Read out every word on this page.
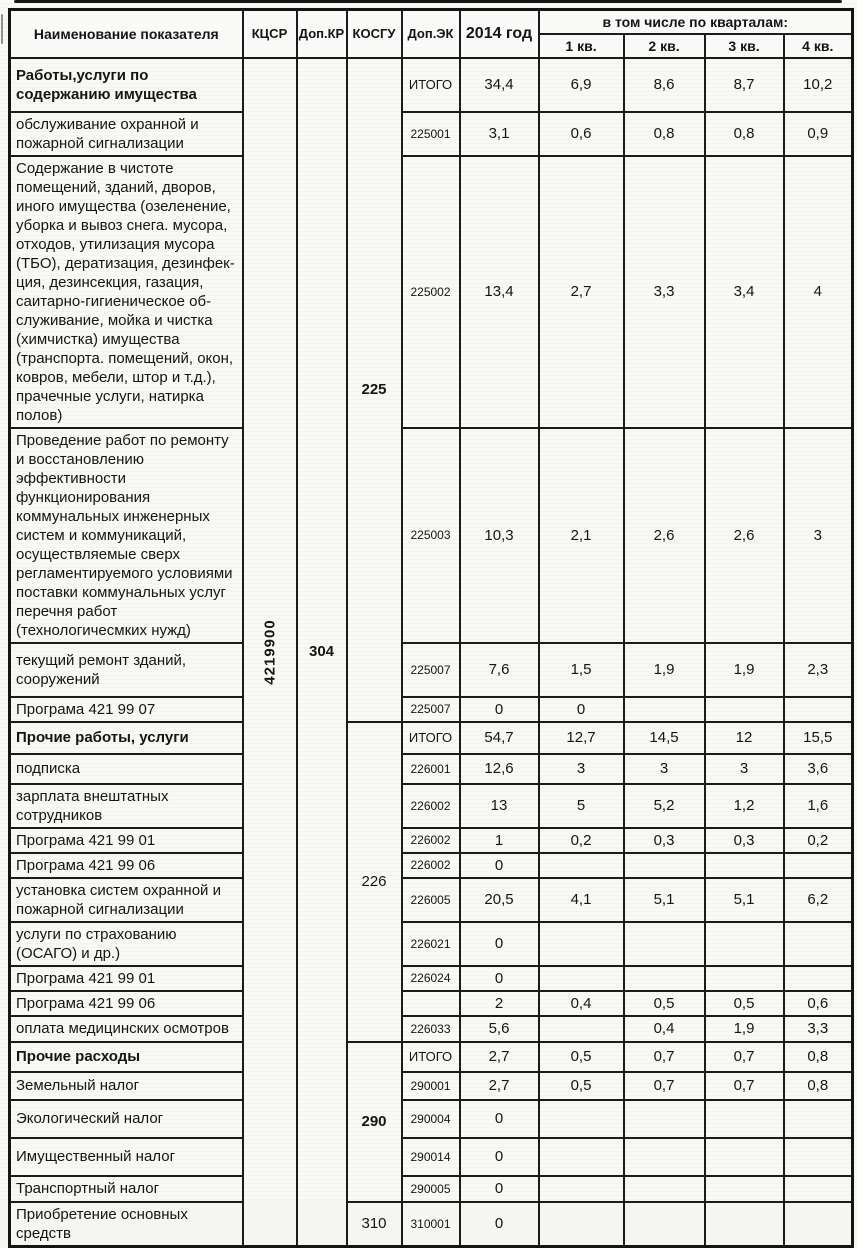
Наименование показателя	КЦСР	Доп.КР	КОСГУ	Доп.ЭК	2014 год	в том числе по кварталам:			
						1 кв.	2 кв.	3 кв.	4 кв.
Работы,услуги по содержанию имущества	4219900	304	225	ИТОГО	34,4	6,9	8,6	8,7	10,2
обслуживание охранной и пожарной сигнализации				225001	3,1	0,6	0,8	0,8	0,9
Содержание в чистоте помещений, зданий, дворов, иного имущества (озеленение, уборка и вывоз снега. мусора, отходов, утилизация мусора (ТБО), дератизация, дезинфек- ция, дезинсекция, газация, саитарно-гигиеническое об- служивание, мойка и чистка (химчистка) имущества (транспорта. помещений, окон, ковров, мебели, штор и т.д.), прачечные услуги, натирка полов)				225002	13,4	2,7	3,3	3,4	4
Проведение работ по ремонту и восстановлению эффективности функционирования коммунальных инженерных систем и коммуникаций, осуществляемые сверх регламентируемого условиями поставки коммунальных услуг перечня работ (технологичесмких нужд)				225003	10,3	2,1	2,6	2,6	3
текущий ремонт зданий, сооружений				225007	7,6	1,5	1,9	1,9	2,3
Програма 421 99 07				225007	0	0			
Прочие работы, услуги			226	ИТОГО	54,7	12,7	14,5	12	15,5
подписка				226001	12,6	3	3	3	3,6
зарплата внештатных сотрудников				226002	13	5	5,2	1,2	1,6
Програма 421 99 01				226002	1	0,2	0,3	0,3	0,2
Програма 421 99 06				226002	0				
установка систем охранной и пожарной сигнализации				226005	20,5	4,1	5,1	5,1	6,2
услуги по страхованию (ОСАГО) и др.)				226021	0				
Програма 421 99 01				226024	0				
Програма 421 99 06					2	0,4	0,5	0,5	0,6
оплата медицинских осмотров				226033	5,6		0,4	1,9	3,3
Прочие расходы			290	ИТОГО	2,7	0,5	0,7	0,7	0,8
Земельный налог				290001	2,7	0,5	0,7	0,7	0,8
Экологический налог				290004	0				
Имущественный налог				290014	0				
Транспортный налог				290005	0				
Приобретение основных средств			310	310001	0				
